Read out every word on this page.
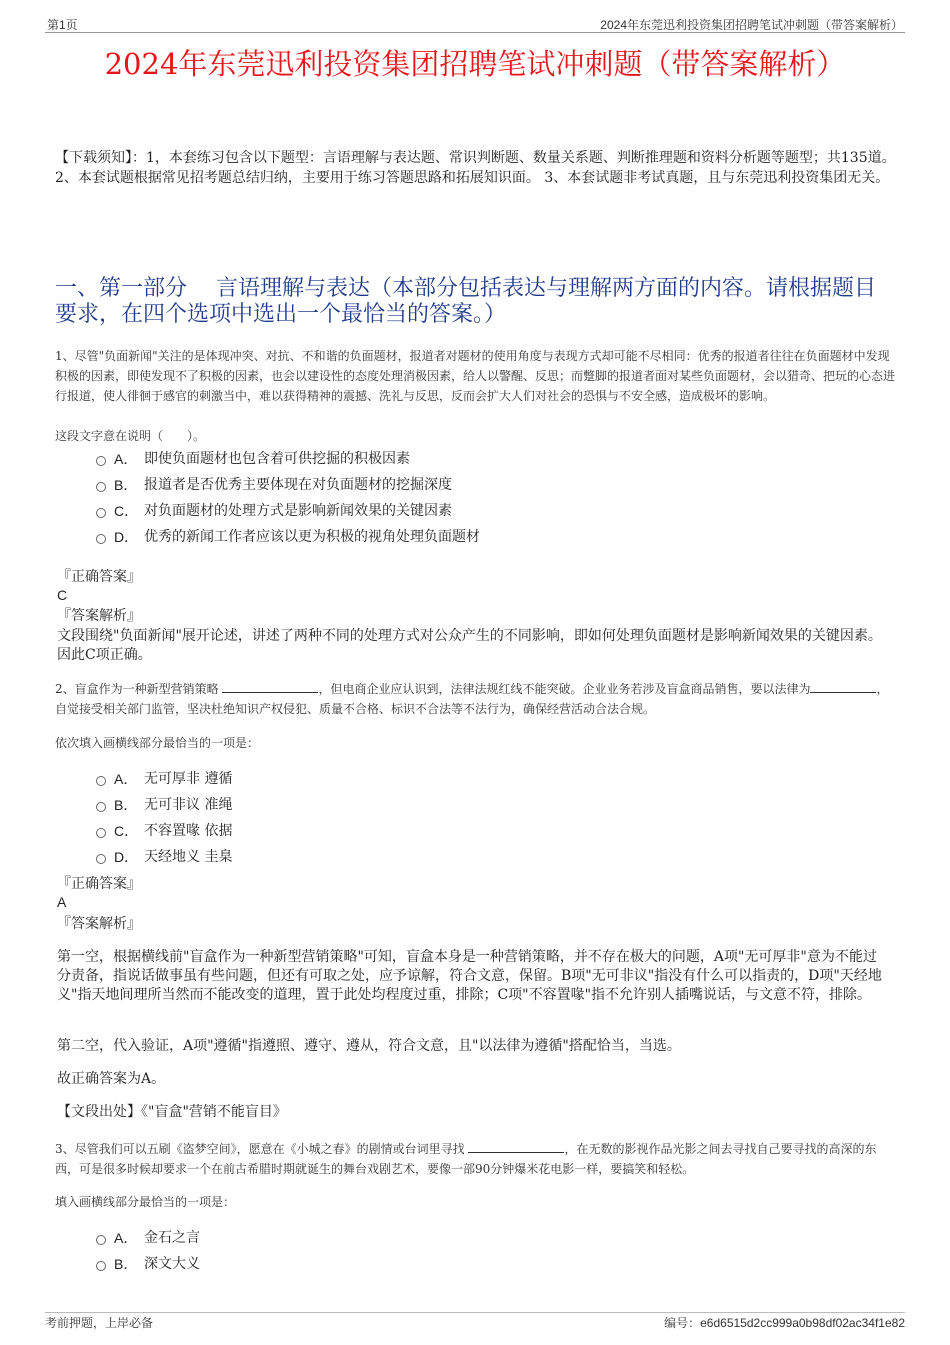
第1页	2024年东莞迅利投资集团招聘笔试冲刺题（带答案解析）
2024年东莞迅利投资集团招聘笔试冲刺题（带答案解析）
【下载须知】：1，本套练习包含以下题型：言语理解与表达题、常识判断题、数量关系题、判断推理题和资料分析题等题型；共135道。 2、本套试题根据常见招考题总结归纳，主要用于练习答题思路和拓展知识面。 3、本套试题非考试真题，且与东莞迅利投资集团无关。
一、第一部分　 言语理解与表达（本部分包括表达与理解两方面的内容。请根据题目要求，在四个选项中选出一个最恰当的答案。）
1、尽管"负面新闻"关注的是体现冲突、对抗、不和谐的负面题材，报道者对题材的使用角度与表现方式却可能不尽相同：优秀的报道者往往在负面题材中发现积极的因素，即使发现不了积极的因素，也会以建设性的态度处理消极因素，给人以警醒、反思；而蹩脚的报道者面对某些负面题材，会以猎奇、把玩的心态进行报道，使人徘徊于感官的刺激当中，难以获得精神的震撼、洗礼与反思，反而会扩大人们对社会的恐惧与不安全感，造成极坏的影响。
这段文字意在说明（　　）。
A． 即使负面题材也包含着可供挖掘的积极因素
B． 报道者是否优秀主要体现在对负面题材的挖掘深度
C． 对负面题材的处理方式是影响新闻效果的关键因素
D． 优秀的新闻工作者应该以更为积极的视角处理负面题材
『正确答案』
C
『答案解析』
文段围绕"负面新闻"展开论述，讲述了两种不同的处理方式对公众产生的不同影响，即如何处理负面题材是影响新闻效果的关键因素。因此C项正确。
2、盲盒作为一种新型营销策略	，但电商企业应认识到，法律法规红线不能突破。企业业务若涉及盲盒商品销售，要以法律为	，自觉接受相关部门监管，坚决杜绝知识产权侵犯、质量不合格、标识不合法等不法行为，确保经营活动合法合规。
依次填入画横线部分最恰当的一项是：
A． 无可厚非 遵循
B． 无可非议 准绳
C． 不容置喙 依据
D． 天经地义 圭臬
『正确答案』
A
『答案解析』
第一空，根据横线前"盲盒作为一种新型营销策略"可知，盲盒本身是一种营销策略，并不存在极大的问题，A项"无可厚非"意为不能过分责备，指说话做事虽有些问题，但还有可取之处，应予谅解，符合文意，保留。B项"无可非议"指没有什么可以指责的，D项"天经地义"指天地间理所当然而不能改变的道理，置于此处均程度过重，排除；C项"不容置喙"指不允许别人插嘴说话，与文意不符，排除。
第二空，代入验证，A项"遵循"指遵照、遵守、遵从，符合文意，且"以法律为遵循"搭配恰当，当选。
故正确答案为A。
【文段出处】《"盲盒"营销不能盲目》
3、尽管我们可以五刷《盗梦空间》，愿意在《小城之春》的剧情或台词里寻找	，在无数的影视作品光影之间去寻找自己要寻找的高深的东西，可是很多时候却要求一个在前古希腊时期就诞生的舞台戏剧艺术，要像一部90分钟爆米花电影一样，要搞笑和轻松。
填入画横线部分最恰当的一项是：
A． 金石之言
B． 深文大义
考前押题，上岸必备	编号：e6d6515d2cc999a0b98df02ac34f1e82
